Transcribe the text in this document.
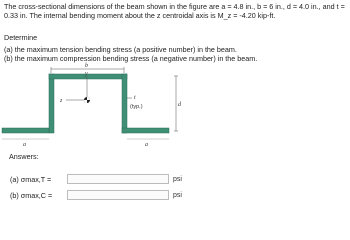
The cross-sectional dimensions of the beam shown in the figure are a = 4.8 in., b = 6 in., d = 4.0 in., and t = 0.33 in. The internal bending moment about the z centroidal axis is M_z = -4.20 kip-ft.
Determine
(a) the maximum tension bending stress (a positive number) in the beam.
(b) the maximum compression bending stress (a negative number) in the beam.
b
y
z	t
(typ.)	d
a	a
Answers:
(a) σmax,T =	psi
(b) σmax,C =	psi
